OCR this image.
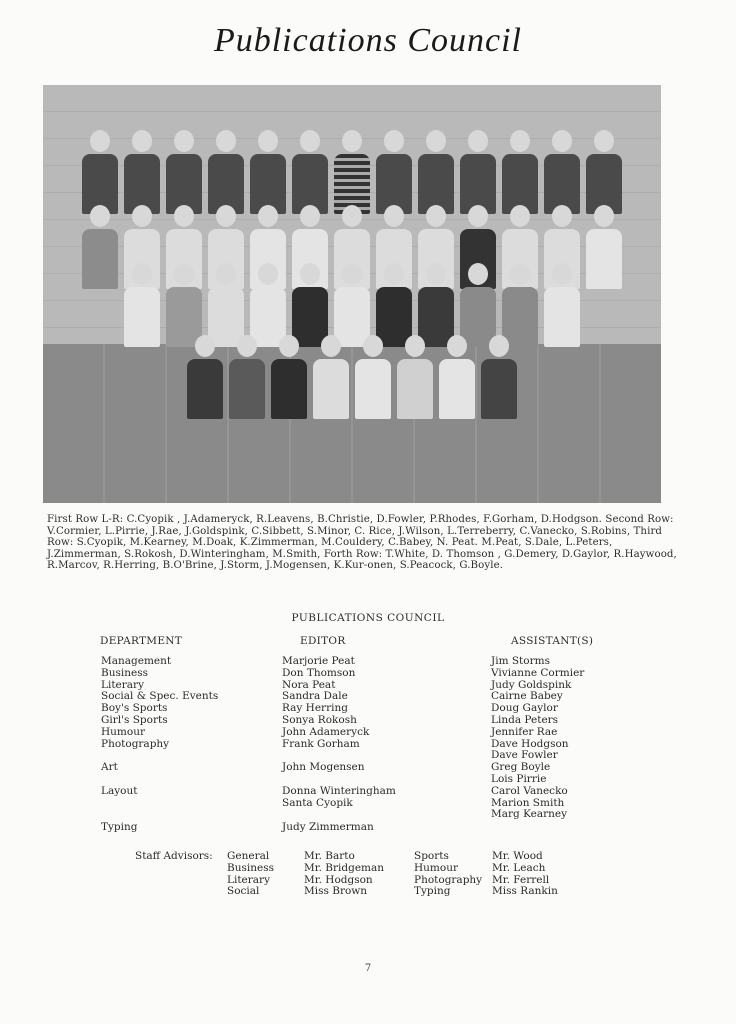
Publications Council
First Row L-R: C.Cyopik , J.Adameryck, R.Leavens, B.Christie, D.Fowler, P.Rhodes, F.Gorham, D.Hodgson. Second Row: V.Cormier, L.Pirrie, J.Rae, J.Goldspink, C.Sibbett, S.Minor, C. Rice, J.Wilson, L.Terreberry, C.Vanecko, S.Robins, Third Row: S.Cyopik, M.Kearney, M.Doak, K.Zimmerman, M.Couldery, C.Babey, N. Peat. M.Peat, S.Dale, L.Peters, J.Zimmerman, S.Rokosh, D.Winteringham, M.Smith, Forth Row: T.White, D. Thomson , G.Demery, D.Gaylor, R.Haywood, R.Marcov, R.Herring, B.O'Brine, J.Storm, J.Mogensen, K.Kur-onen, S.Peacock, G.Boyle.
PUBLICATIONS COUNCIL
DEPARTMENT	EDITOR	ASSISTANT(S)
Management
Business
Literary
Social & Spec. Events
Boy's Sports
Girl's Sports
Humour
Photography
Art
Layout
Typing
Marjorie Peat
Don Thomson
Nora Peat
Sandra Dale
Ray Herring
Sonya Rokosh
John Adameryck
Frank Gorham
John Mogensen
Donna Winteringham
Santa Cyopik
Judy Zimmerman
Jim Storms
Vivianne Cormier
Judy Goldspink
Cairne Babey
Doug Gaylor
Linda Peters
Jennifer Rae
Dave Hodgson
Dave Fowler
Greg Boyle
Lois Pirrie
Carol Vanecko
Marion Smith
Marg Kearney
Staff Advisors: General
Business
Literary
Social
Mr. Barto
Mr. Bridgeman
Mr. Hodgson
Miss Brown
Sports
Humour
Photography
Typing
Mr. Wood
Mr. Leach
Mr. Ferrell
Miss Rankin
7
